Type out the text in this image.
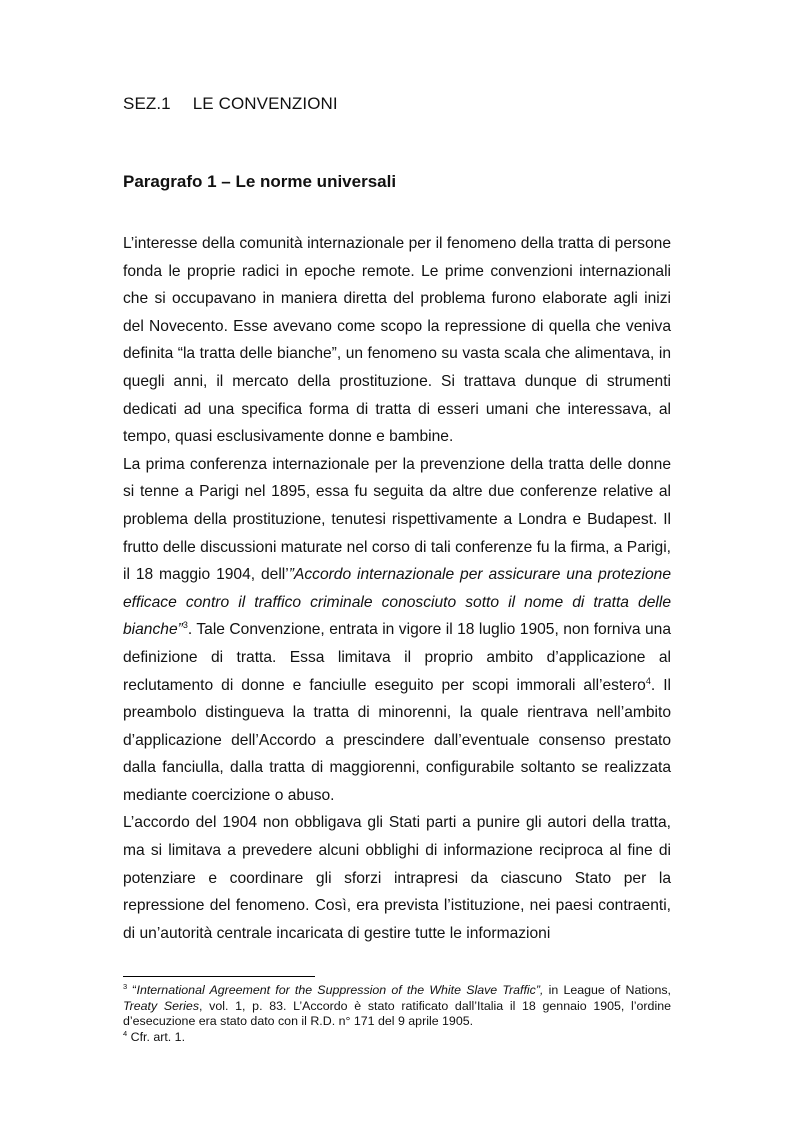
SEZ.1 LE CONVENZIONI
Paragrafo 1 – Le norme universali

L’interesse della comunità internazionale per il fenomeno della tratta di persone fonda le proprie radici in epoche remote. Le prime convenzioni internazionali che si occupavano in maniera diretta del problema furono elaborate agli inizi del Novecento. Esse avevano come scopo la repressione di quella che veniva definita “la tratta delle bianche”, un fenomeno su vasta scala che alimentava, in quegli anni, il mercato della prostituzione. Si trattava dunque di strumenti dedicati ad una specifica forma di tratta di esseri umani che interessava, al tempo, quasi esclusivamente donne e bambine.

La prima conferenza internazionale per la prevenzione della tratta delle donne si tenne a Parigi nel 1895, essa fu seguita da altre due conferenze relative al problema della prostituzione, tenutesi rispettivamente a Londra e Budapest. Il frutto delle discussioni maturate nel corso di tali conferenze fu la firma, a Parigi, il 18 maggio 1904, dell’”Accordo internazionale per assicurare una protezione efficace contro il traffico criminale conosciuto sotto il nome di tratta delle bianche”$^3$. Tale Convenzione, entrata in vigore il 18 luglio 1905, non forniva una definizione di tratta. Essa limitava il proprio ambito d’applicazione al reclutamento di donne e fanciulle eseguito per scopi immorali all’estero$^4$. Il preambolo distingueva la tratta di minorenni, la quale rientrava nell’ambito d’applicazione dell’Accordo a prescindere dall’eventuale consenso prestato dalla fanciulla, dalla tratta di maggiorenni, configurabile soltanto se realizzata mediante coercizione o abuso.

L’accordo del 1904 non obbligava gli Stati parti a punire gli autori della tratta, ma si limitava a prevedere alcuni obblighi di informazione reciproca al fine di potenziare e coordinare gli sforzi intrapresi da ciascuno Stato per la repressione del fenomeno. Così, era prevista l’istituzione, nei paesi contraenti, di un’autorità centrale incaricata di gestire tutte le informazioni

$^3$ “International Agreement for the Suppression of the White Slave Traffic”, in League of Nations, Treaty Series, vol. 1, p. 83. L’Accordo è stato ratificato dall’Italia il 18 gennaio 1905, l’ordine d’esecuzione era stato dato con il R.D. n° 171 del 9 aprile 1905.

$^4$ Cfr. art. 1.
